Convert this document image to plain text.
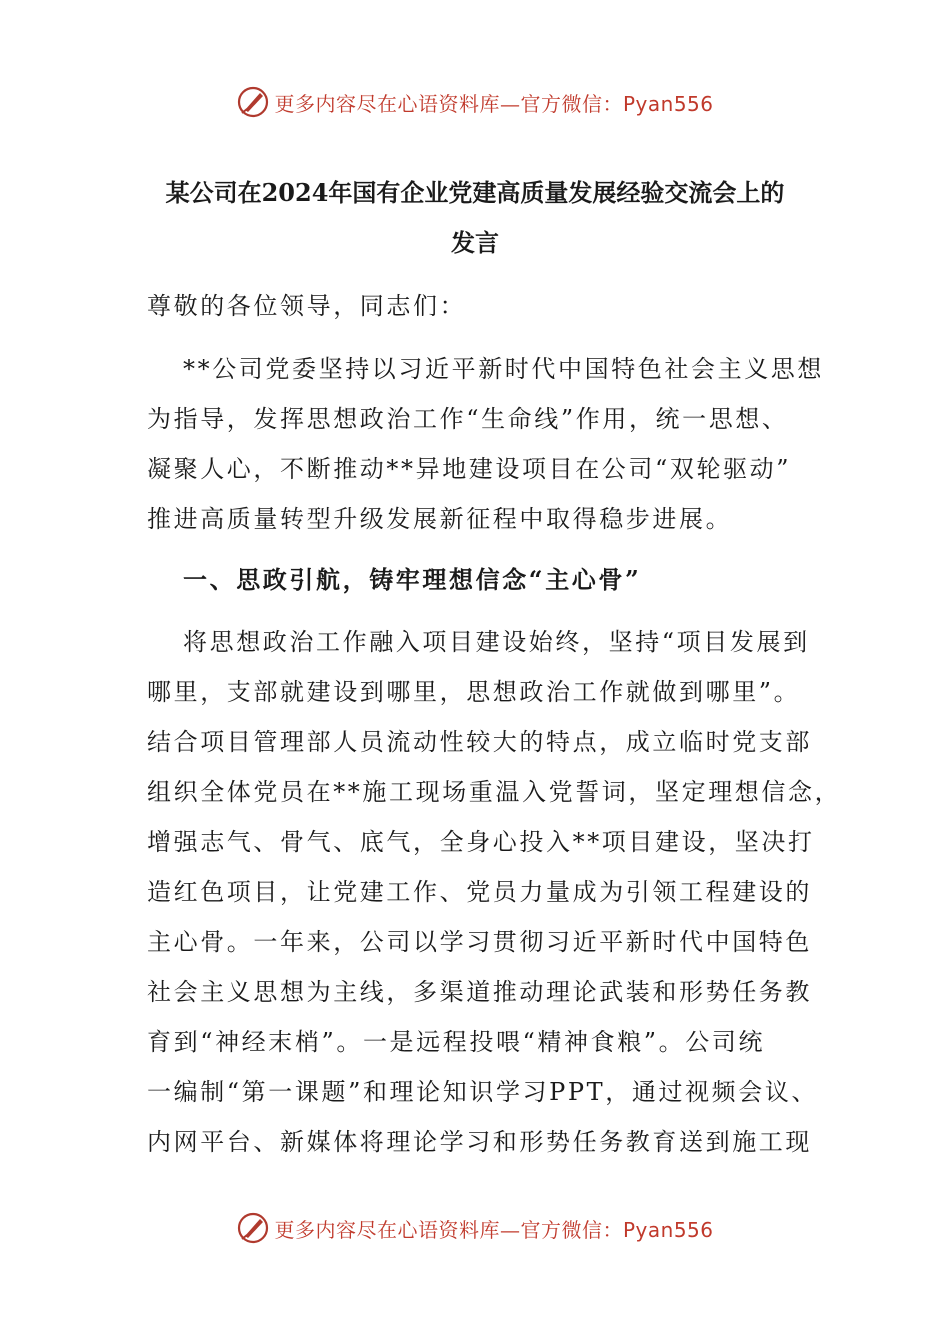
更多内容尽在心语资料库—官方微信：Pyan556
某公司在2024年国有企业党建高质量发展经验交流会上的
发言

尊敬的各位领导，同志们：

**公司党委坚持以习近平新时代中国特色社会主义思想

为指导，发挥思想政治工作“生命线”作用，统一思想、

凝聚人心，不断推动**异地建设项目在公司“双轮驱动”

推进高质量转型升级发展新征程中取得稳步进展。

一、思政引航，铸牢理想信念“主心骨”

将思想政治工作融入项目建设始终，坚持“项目发展到

哪里，支部就建设到哪里，思想政治工作就做到哪里”。

结合项目管理部人员流动性较大的特点，成立临时党支部

组织全体党员在**施工现场重温入党誓词，坚定理想信念，

增强志气、骨气、底气，全身心投入**项目建设，坚决打

造红色项目，让党建工作、党员力量成为引领工程建设的

主心骨。一年来，公司以学习贯彻习近平新时代中国特色

社会主义思想为主线，多渠道推动理论武装和形势任务教

育到“神经末梢”。一是远程投喂“精神食粮”。公司统

一编制“第一课题”和理论知识学习PPT，通过视频会议、

内网平台、新媒体将理论学习和形势任务教育送到施工现

更多内容尽在心语资料库—官方微信：Pyan556
